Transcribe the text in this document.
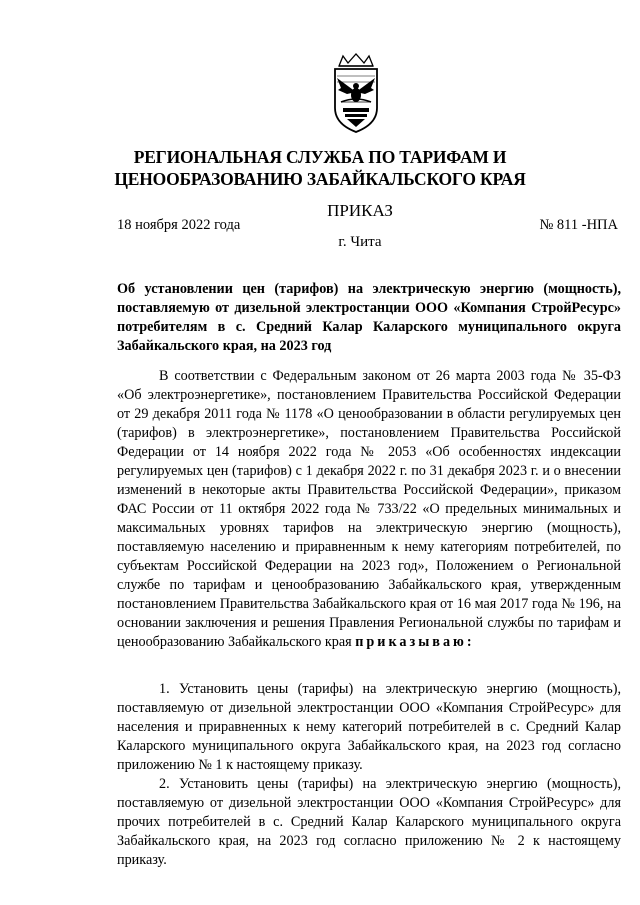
РЕГИОНАЛЬНАЯ СЛУЖБА ПО ТАРИФАМ И
ЦЕНООБРАЗОВАНИЮ ЗАБАЙКАЛЬСКОГО КРАЯ
ПРИКАЗ
18 ноября 2022 года	№ 811 -НПА
г. Чита
Об установлении цен (тарифов) на электрическую энергию (мощность), поставляемую от дизельной электростанции ООО «Компания СтройРесурс» потребителям в с. Средний Калар Каларского муниципального округа Забайкальского края, на 2023 год

В соответствии с Федеральным законом от 26 марта 2003 года № 35-ФЗ «Об электроэнергетике», постановлением Правительства Российской Федерации от 29 декабря 2011 года № 1178 «О ценообразовании в области регулируемых цен (тарифов) в электроэнергетике», постановлением Правительства Российской Федерации от 14 ноября 2022 года № 2053 «Об особенностях индексации регулируемых цен (тарифов) с 1 декабря 2022 г. по 31 декабря 2023 г. и о внесении изменений в некоторые акты Правительства Российской Федерации», приказом ФАС России от 11 октября 2022 года № 733/22 «О предельных минимальных и максимальных уровнях тарифов на электрическую энергию (мощность), поставляемую населению и приравненным к нему категориям потребителей, по субъектам Российской Федерации на 2023 год», Положением о Региональной службе по тарифам и ценообразованию Забайкальского края, утвержденным постановлением Правительства Забайкальского края от 16 мая 2017 года № 196, на основании заключения и решения Правления Региональной службы по тарифам и ценообразованию Забайкальского края приказываю:

1. Установить цены (тарифы) на электрическую энергию (мощность), поставляемую от дизельной электростанции ООО «Компания СтройРесурс» для населения и приравненных к нему категорий потребителей в с. Средний Калар Каларского муниципального округа Забайкальского края, на 2023 год согласно приложению № 1 к настоящему приказу.

2. Установить цены (тарифы) на электрическую энергию (мощность), поставляемую от дизельной электростанции ООО «Компания СтройРесурс» для прочих потребителей в с. Средний Калар Каларского муниципального округа Забайкальского края, на 2023 год согласно приложению № 2 к настоящему приказу.
